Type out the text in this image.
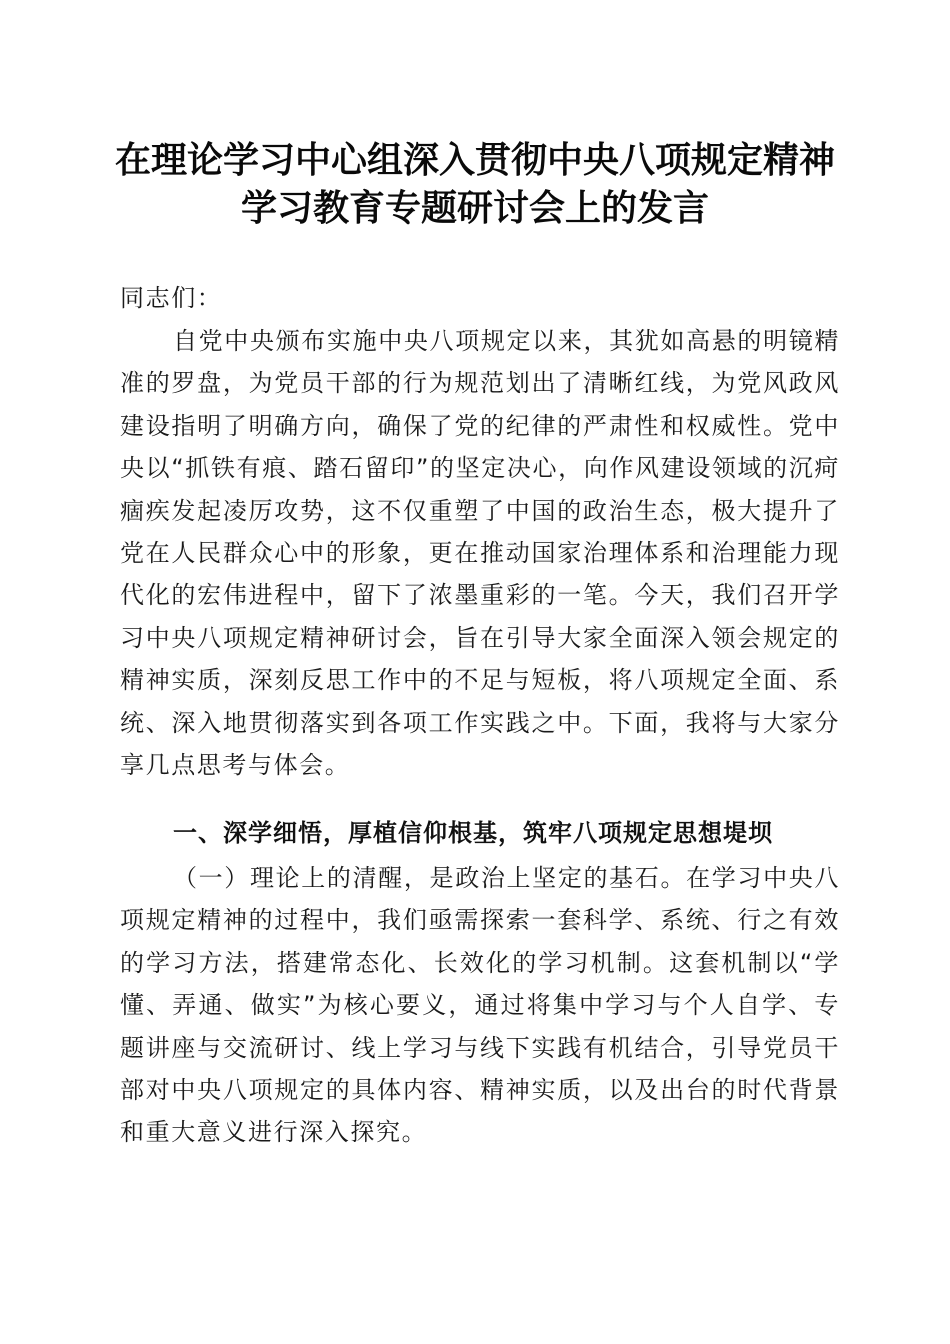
在理论学习中心组深入贯彻中央八项规定精神
学习教育专题研讨会上的发言
同志们：
自党中央颁布实施中央八项规定以来，其犹如高悬的明镜精准的罗盘，为党员干部的行为规范划出了清晰红线，为党风政风建设指明了明确方向，确保了党的纪律的严肃性和权威性。党中央以“抓铁有痕、踏石留印”的坚定决心，向作风建设领域的沉疴痼疾发起凌厉攻势，这不仅重塑了中国的政治生态，极大提升了党在人民群众心中的形象，更在推动国家治理体系和治理能力现代化的宏伟进程中，留下了浓墨重彩的一笔。今天，我们召开学习中央八项规定精神研讨会，旨在引导大家全面深入领会规定的精神实质，深刻反思工作中的不足与短板，将八项规定全面、系统、深入地贯彻落实到各项工作实践之中。下面，我将与大家分享几点思考与体会。
一、深学细悟，厚植信仰根基，筑牢八项规定思想堤坝
（一）理论上的清醒，是政治上坚定的基石。在学习中央八项规定精神的过程中，我们亟需探索一套科学、系统、行之有效的学习方法，搭建常态化、长效化的学习机制。这套机制以“学懂、弄通、做实”为核心要义，通过将集中学习与个人自学、专题讲座与交流研讨、线上学习与线下实践有机结合，引导党员干部对中央八项规定的具体内容、精神实质，以及出台的时代背景和重大意义进行深入探究。
